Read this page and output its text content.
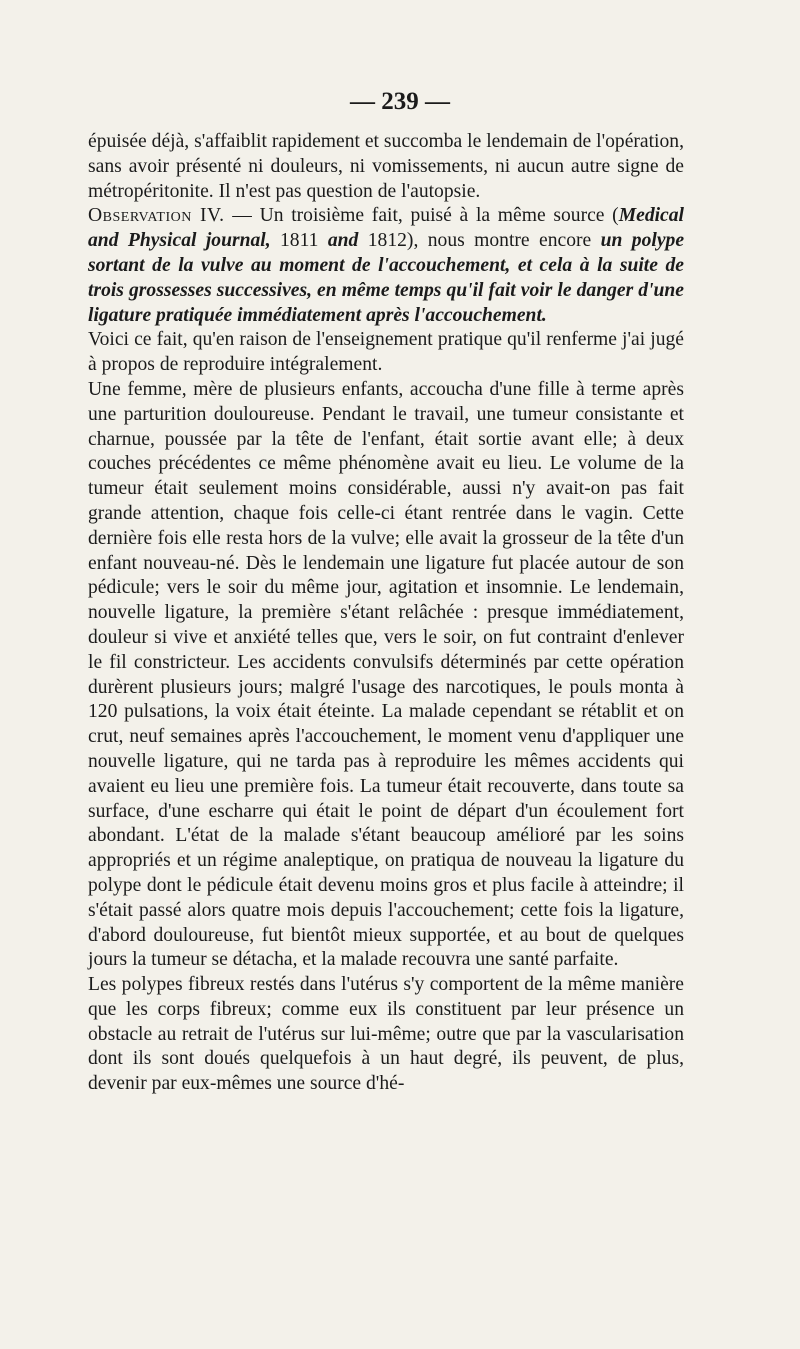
— 239 —

épuisée déjà, s'affaiblit rapidement et succomba le lendemain de l'opération, sans avoir présenté ni douleurs, ni vomissements, ni aucun autre signe de métropéritonite. Il n'est pas question de l'autopsie.

Observation IV. — Un troisième fait, puisé à la même source (Medical and Physical journal, 1811 and 1812), nous montre encore un polype sortant de la vulve au moment de l'accouchement, et cela à la suite de trois grossesses successives, en même temps qu'il fait voir le danger d'une ligature pratiquée immédiatement après l'accouchement.

Voici ce fait, qu'en raison de l'enseignement pratique qu'il renferme j'ai jugé à propos de reproduire intégralement.

Une femme, mère de plusieurs enfants, accoucha d'une fille à terme après une parturition douloureuse. Pendant le travail, une tumeur consistante et charnue, poussée par la tête de l'enfant, était sortie avant elle; à deux couches précédentes ce même phénomène avait eu lieu. Le volume de la tumeur était seulement moins considérable, aussi n'y avait-on pas fait grande attention, chaque fois celle-ci étant rentrée dans le vagin. Cette dernière fois elle resta hors de la vulve; elle avait la grosseur de la tête d'un enfant nouveau-né. Dès le lendemain une ligature fut placée autour de son pédicule; vers le soir du même jour, agitation et insomnie. Le lendemain, nouvelle ligature, la première s'étant relâchée : presque immédiatement, douleur si vive et anxiété telles que, vers le soir, on fut contraint d'enlever le fil constricteur. Les accidents convulsifs déterminés par cette opération durèrent plusieurs jours; malgré l'usage des narcotiques, le pouls monta à 120 pulsations, la voix était éteinte. La malade cependant se rétablit et on crut, neuf semaines après l'accouchement, le moment venu d'appliquer une nouvelle ligature, qui ne tarda pas à reproduire les mêmes accidents qui avaient eu lieu une première fois. La tumeur était recouverte, dans toute sa surface, d'une escharre qui était le point de départ d'un écoulement fort abondant. L'état de la malade s'étant beaucoup amélioré par les soins appropriés et un régime analeptique, on pratiqua de nouveau la ligature du polype dont le pédicule était devenu moins gros et plus facile à atteindre; il s'était passé alors quatre mois depuis l'accouchement; cette fois la ligature, d'abord douloureuse, fut bientôt mieux supportée, et au bout de quelques jours la tumeur se détacha, et la malade recouvra une santé parfaite.

Les polypes fibreux restés dans l'utérus s'y comportent de la même manière que les corps fibreux; comme eux ils constituent par leur présence un obstacle au retrait de l'utérus sur lui-même; outre que par la vascularisation dont ils sont doués quelquefois à un haut degré, ils peuvent, de plus, devenir par eux-mêmes une source d'hé-
